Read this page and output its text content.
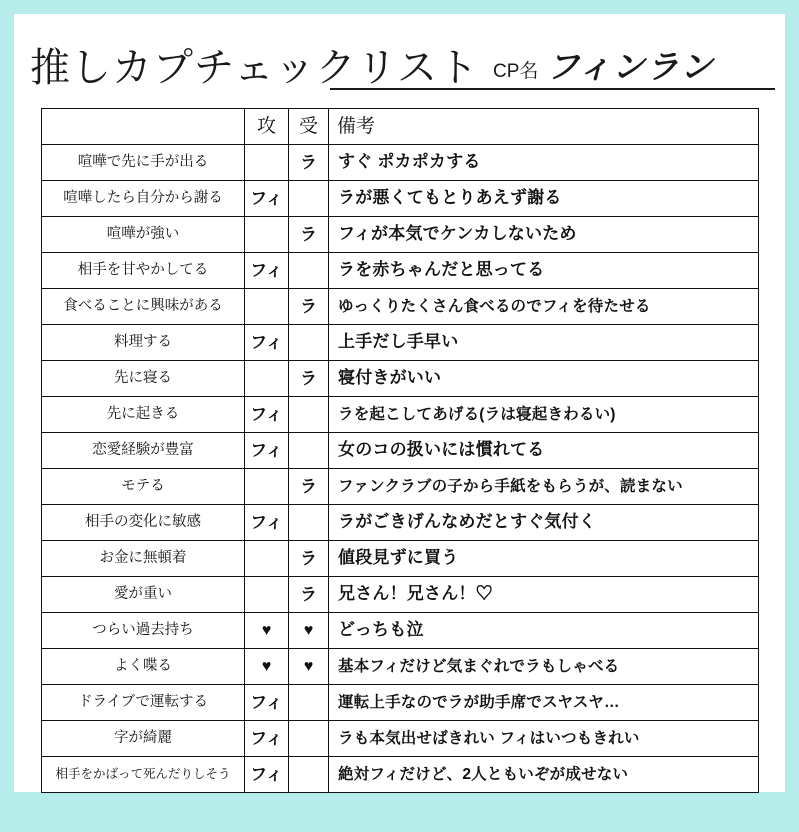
推しカプチェックリスト CP名 フィンラン

	攻	受	備考

喧嘩で先に手が出る		ラ	すぐ ポカポカする

喧嘩したら自分から謝る	フィ		ラが悪くてもとりあえず謝る

喧嘩が強い		ラ	フィが本気でケンカしないため

相手を甘やかしてる	フィ		ラを赤ちゃんだと思ってる

食べることに興味がある		ラ	ゆっくりたくさん食べるのでフィを待たせる

料理する	フィ		上手だし手早い

先に寝る		ラ	寝付きがいい

先に起きる	フィ		ラを起こしてあげる(ラは寝起きわるい)

恋愛経験が豊富	フィ		女のコの扱いには慣れてる

モテる		ラ	ファンクラブの子から手紙をもらうが、読まない

相手の変化に敏感	フィ		ラがごきげんなめだとすぐ気付く

お金に無頓着		ラ	値段見ずに買う

愛が重い		ラ	兄さん！兄さん！♡

つらい過去持ち	♥	♥	どっちも泣

よく喋る	♥	♥	基本フィだけど気まぐれでラもしゃべる

ドライブで運転する	フィ		運転上手なのでラが助手席でスヤスヤ…

字が綺麗	フィ		ラも本気出せばきれい フィはいつもきれい

相手をかばって死んだりしそう	フィ		絶対フィだけど、2人ともいぞが成せない
